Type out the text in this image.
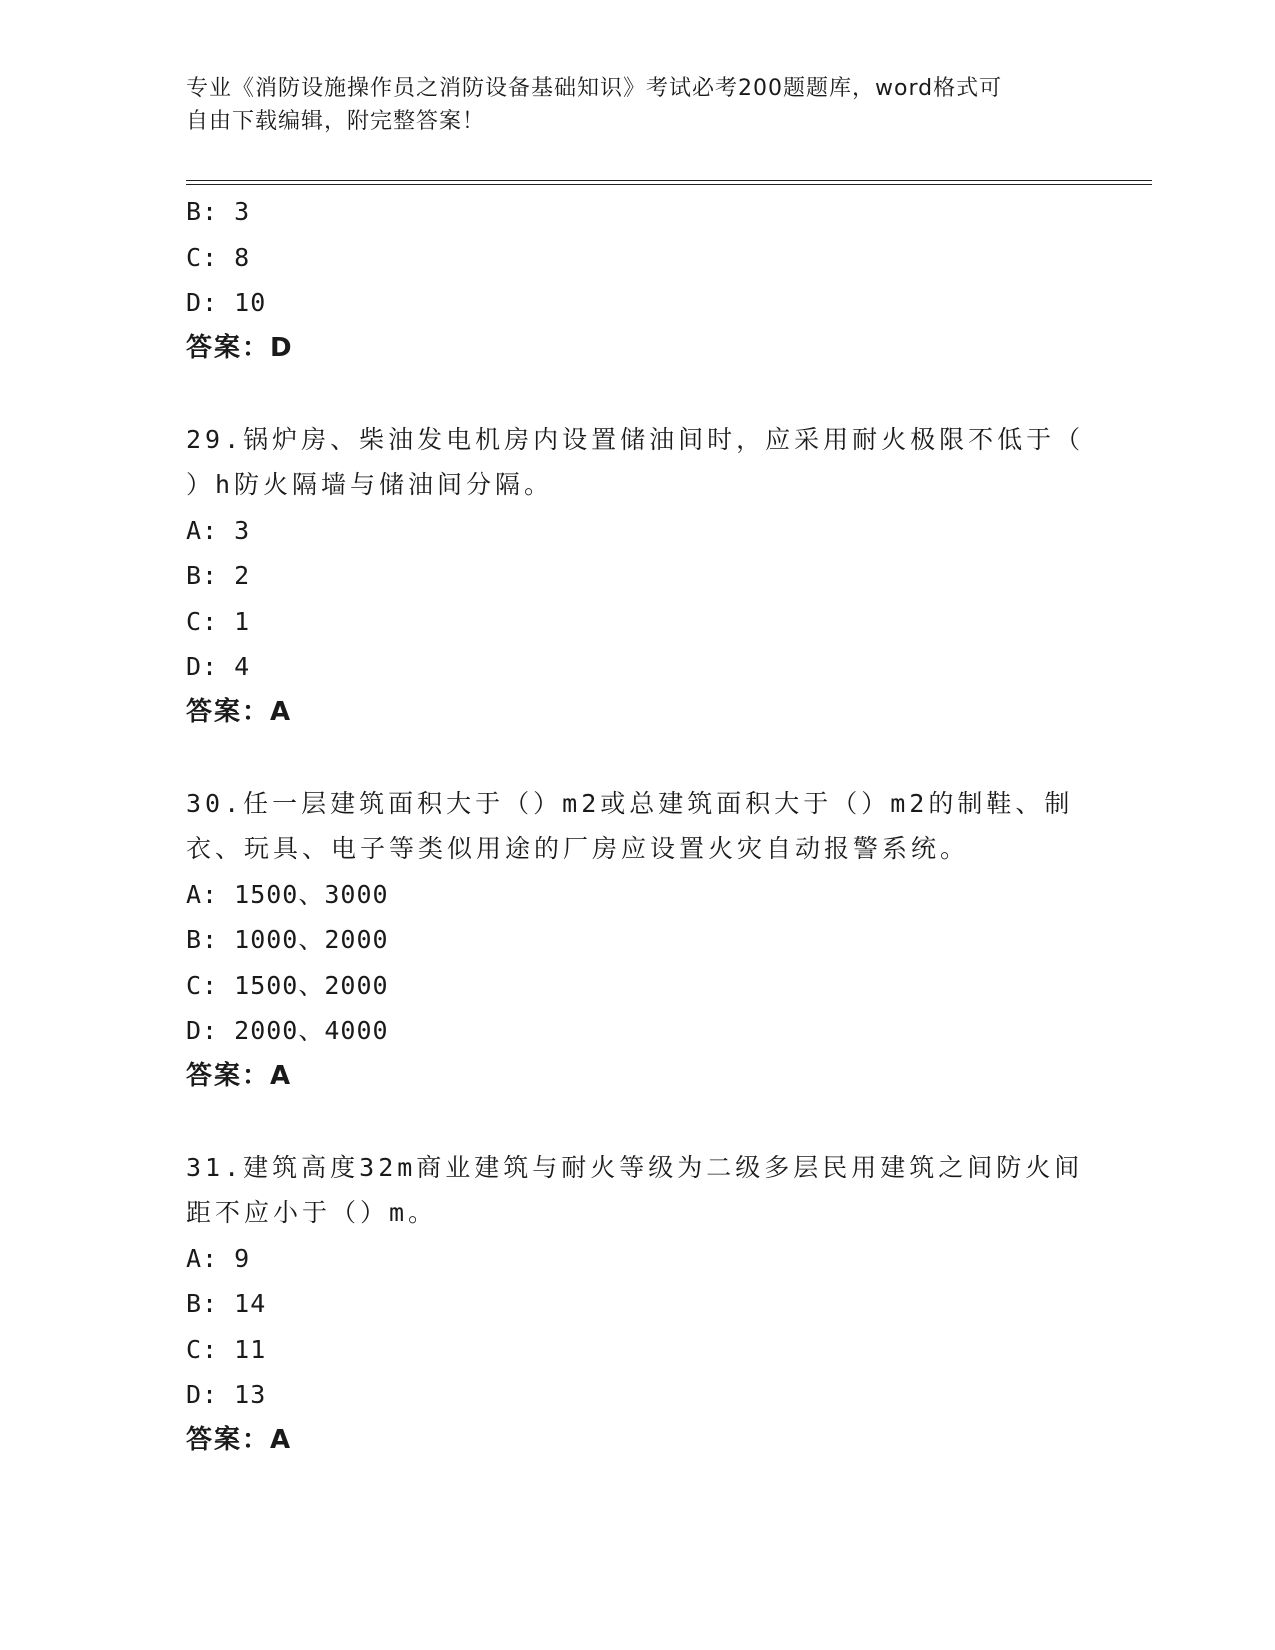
专业《消防设施操作员之消防设备基础知识》考试必考200题题库，word格式可
自由下载编辑，附完整答案！
B: 3
C: 8
D: 10
答案：D
29.锅炉房、柴油发电机房内设置储油间时，应采用耐火极限不低于（
）h防火隔墙与储油间分隔。
A: 3
B: 2
C: 1
D: 4
答案：A
30.任一层建筑面积大于（）m2或总建筑面积大于（）m2的制鞋、制
衣、玩具、电子等类似用途的厂房应设置火灾自动报警系统。
A: 1500、3000
B: 1000、2000
C: 1500、2000
D: 2000、4000
答案：A
31.建筑高度32m商业建筑与耐火等级为二级多层民用建筑之间防火间
距不应小于（）m。
A: 9
B: 14
C: 11
D: 13
答案：A
